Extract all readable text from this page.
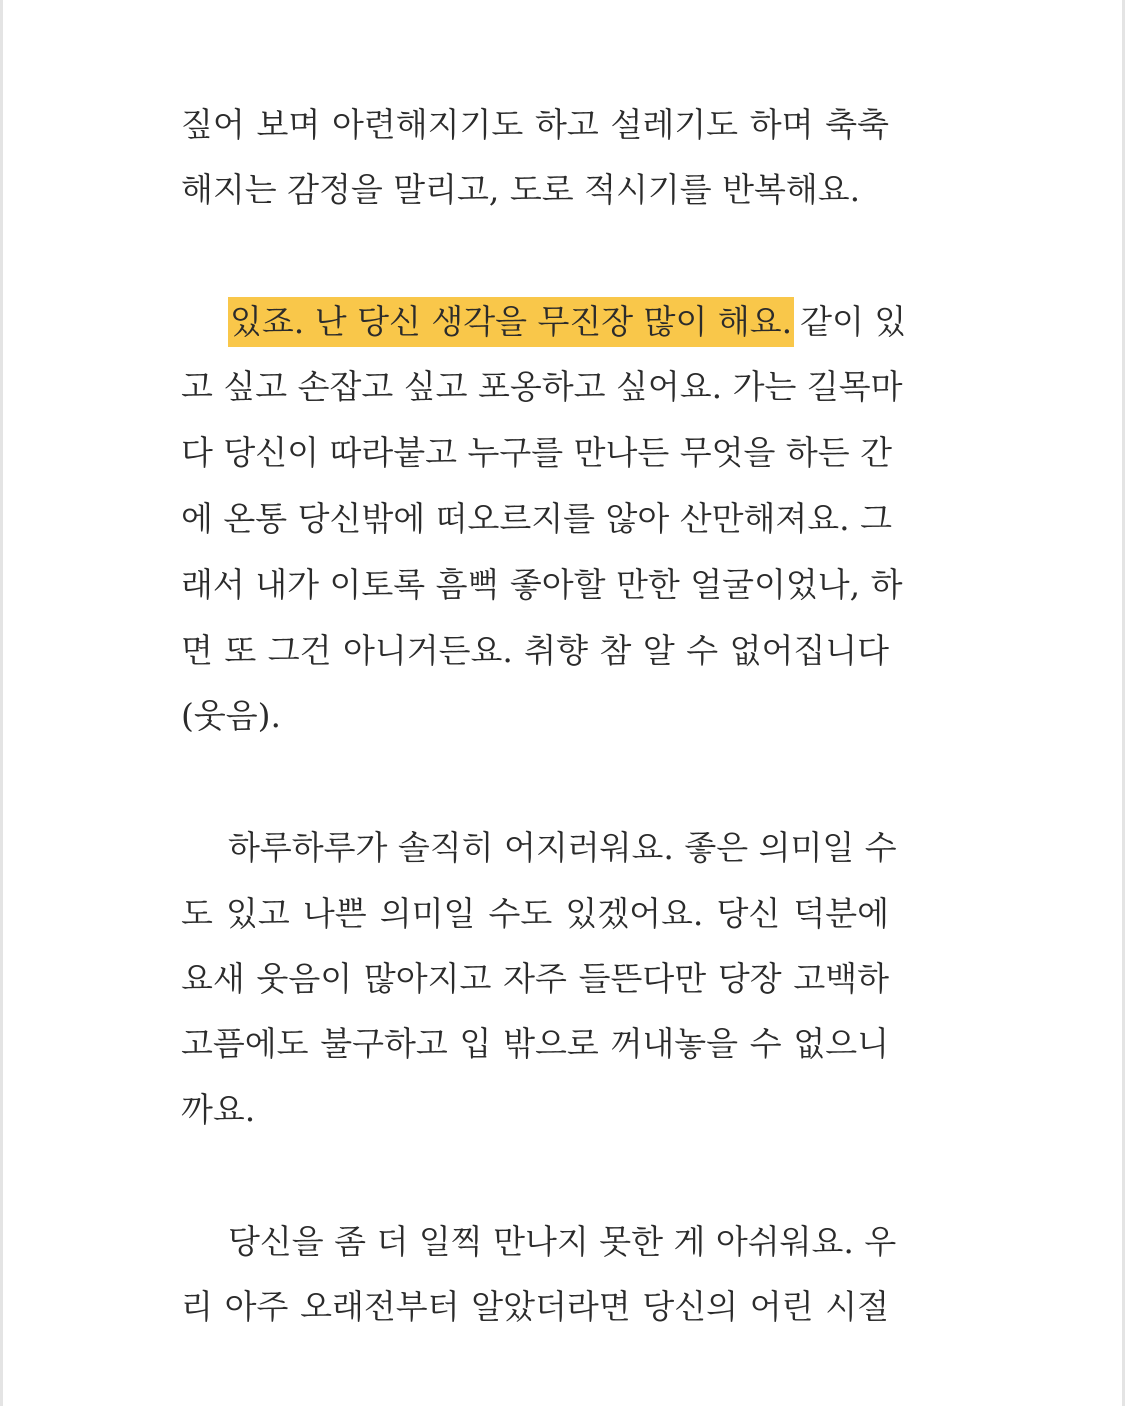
짚어 보며 아련해지기도 하고 설레기도 하며 축축

해지는 감정을 말리고, 도로 적시기를 반복해요.

있죠. 난 당신 생각을 무진장 많이 해요. 같이 있

고 싶고 손잡고 싶고 포옹하고 싶어요. 가는 길목마

다 당신이 따라붙고 누구를 만나든 무엇을 하든 간

에 온통 당신밖에 떠오르지를 않아 산만해져요. 그

래서 내가 이토록 흠뻑 좋아할 만한 얼굴이었나, 하

면 또 그건 아니거든요. 취향 참 알 수 없어집니다

(웃음).

하루하루가 솔직히 어지러워요. 좋은 의미일 수

도 있고 나쁜 의미일 수도 있겠어요. 당신 덕분에

요새 웃음이 많아지고 자주 들뜬다만 당장 고백하

고픔에도 불구하고 입 밖으로 꺼내놓을 수 없으니

까요.

당신을 좀 더 일찍 만나지 못한 게 아쉬워요. 우

리 아주 오래전부터 알았더라면 당신의 어린 시절
